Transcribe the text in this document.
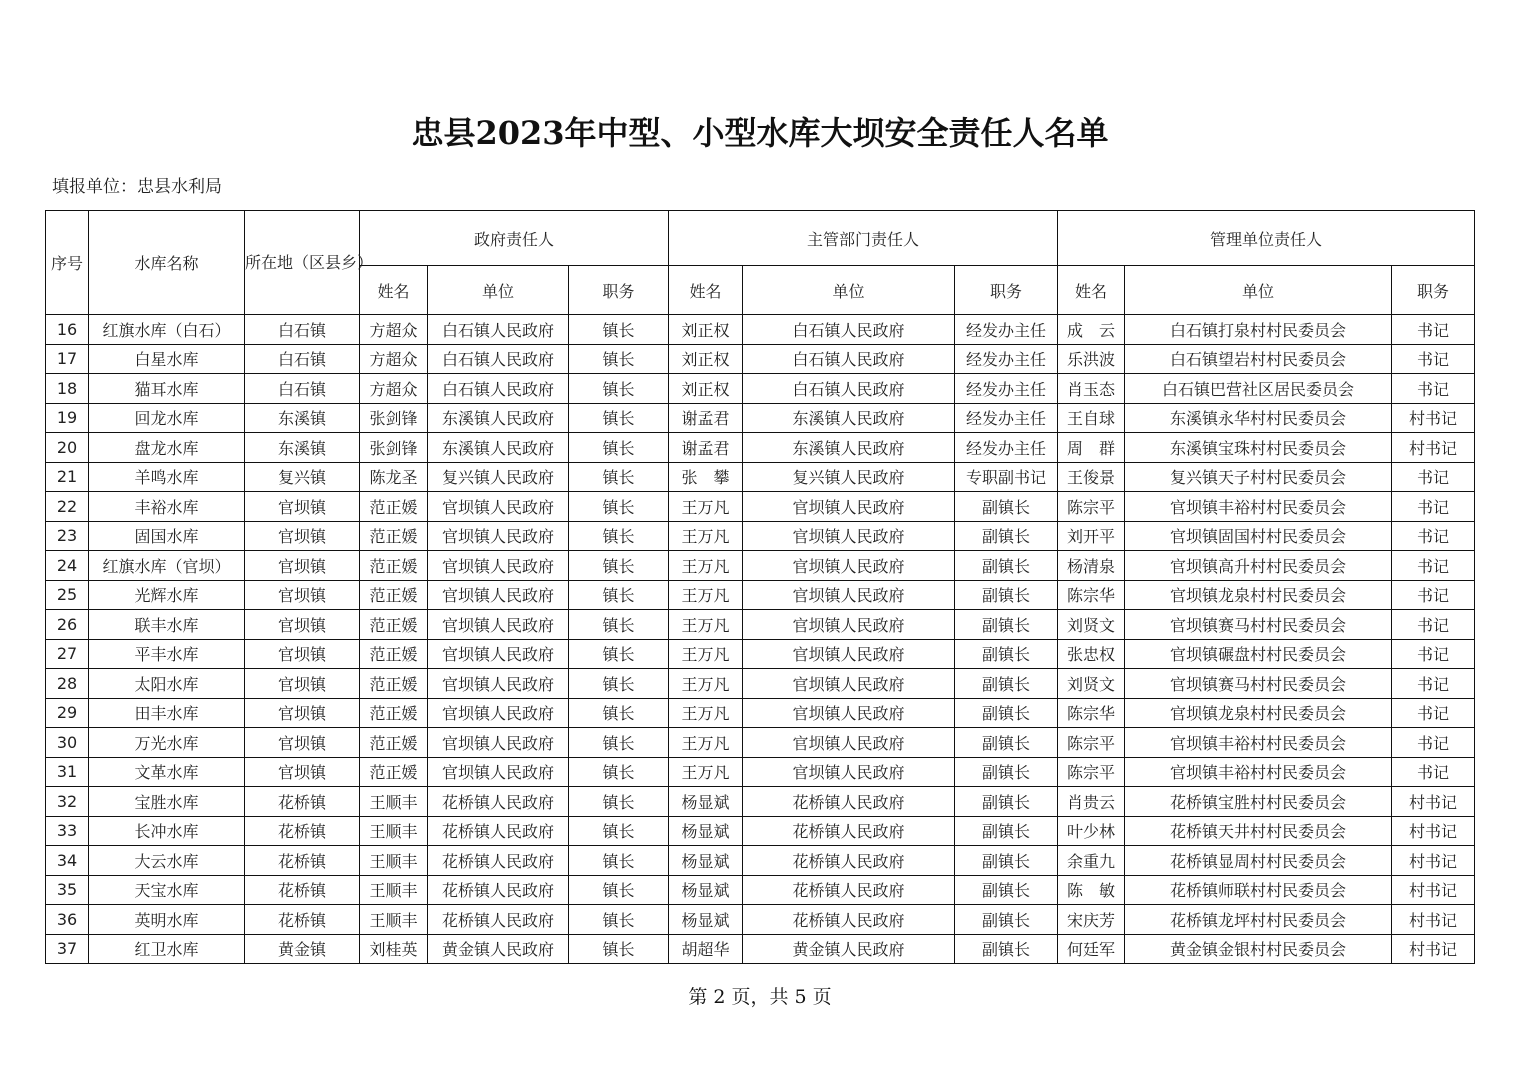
忠县2023年中型、小型水库大坝安全责任人名单
填报单位：忠县水利局
序号	水库名称	所在地（区县乡）	政府责任人			主管部门责任人			管理单位责任人		
			姓名	单位	职务	姓名	单位	职务	姓名	单位	职务
16	红旗水库（白石）	白石镇	方超众	白石镇人民政府	镇长	刘正权	白石镇人民政府	经发办主任	成　云	白石镇打泉村村民委员会	书记
17	白星水库	白石镇	方超众	白石镇人民政府	镇长	刘正权	白石镇人民政府	经发办主任	乐洪波	白石镇望岩村村民委员会	书记
18	猫耳水库	白石镇	方超众	白石镇人民政府	镇长	刘正权	白石镇人民政府	经发办主任	肖玉态	白石镇巴营社区居民委员会	书记
19	回龙水库	东溪镇	张剑锋	东溪镇人民政府	镇长	谢孟君	东溪镇人民政府	经发办主任	王自球	东溪镇永华村村民委员会	村书记
20	盘龙水库	东溪镇	张剑锋	东溪镇人民政府	镇长	谢孟君	东溪镇人民政府	经发办主任	周　群	东溪镇宝珠村村民委员会	村书记
21	羊鸣水库	复兴镇	陈龙圣	复兴镇人民政府	镇长	张　攀	复兴镇人民政府	专职副书记	王俊景	复兴镇天子村村民委员会	书记
22	丰裕水库	官坝镇	范正媛	官坝镇人民政府	镇长	王万凡	官坝镇人民政府	副镇长	陈宗平	官坝镇丰裕村村民委员会	书记
23	固国水库	官坝镇	范正媛	官坝镇人民政府	镇长	王万凡	官坝镇人民政府	副镇长	刘开平	官坝镇固国村村民委员会	书记
24	红旗水库（官坝）	官坝镇	范正媛	官坝镇人民政府	镇长	王万凡	官坝镇人民政府	副镇长	杨清泉	官坝镇高升村村民委员会	书记
25	光辉水库	官坝镇	范正媛	官坝镇人民政府	镇长	王万凡	官坝镇人民政府	副镇长	陈宗华	官坝镇龙泉村村民委员会	书记
26	联丰水库	官坝镇	范正媛	官坝镇人民政府	镇长	王万凡	官坝镇人民政府	副镇长	刘贤文	官坝镇赛马村村民委员会	书记
27	平丰水库	官坝镇	范正媛	官坝镇人民政府	镇长	王万凡	官坝镇人民政府	副镇长	张忠权	官坝镇碾盘村村民委员会	书记
28	太阳水库	官坝镇	范正媛	官坝镇人民政府	镇长	王万凡	官坝镇人民政府	副镇长	刘贤文	官坝镇赛马村村民委员会	书记
29	田丰水库	官坝镇	范正媛	官坝镇人民政府	镇长	王万凡	官坝镇人民政府	副镇长	陈宗华	官坝镇龙泉村村民委员会	书记
30	万光水库	官坝镇	范正媛	官坝镇人民政府	镇长	王万凡	官坝镇人民政府	副镇长	陈宗平	官坝镇丰裕村村民委员会	书记
31	文革水库	官坝镇	范正媛	官坝镇人民政府	镇长	王万凡	官坝镇人民政府	副镇长	陈宗平	官坝镇丰裕村村民委员会	书记
32	宝胜水库	花桥镇	王顺丰	花桥镇人民政府	镇长	杨显斌	花桥镇人民政府	副镇长	肖贵云	花桥镇宝胜村村民委员会	村书记
33	长冲水库	花桥镇	王顺丰	花桥镇人民政府	镇长	杨显斌	花桥镇人民政府	副镇长	叶少林	花桥镇天井村村民委员会	村书记
34	大云水库	花桥镇	王顺丰	花桥镇人民政府	镇长	杨显斌	花桥镇人民政府	副镇长	余重九	花桥镇显周村村民委员会	村书记
35	天宝水库	花桥镇	王顺丰	花桥镇人民政府	镇长	杨显斌	花桥镇人民政府	副镇长	陈　敏	花桥镇师联村村民委员会	村书记
36	英明水库	花桥镇	王顺丰	花桥镇人民政府	镇长	杨显斌	花桥镇人民政府	副镇长	宋庆芳	花桥镇龙坪村村民委员会	村书记
37	红卫水库	黄金镇	刘桂英	黄金镇人民政府	镇长	胡超华	黄金镇人民政府	副镇长	何廷军	黄金镇金银村村民委员会	村书记
第 2 页，共 5 页
